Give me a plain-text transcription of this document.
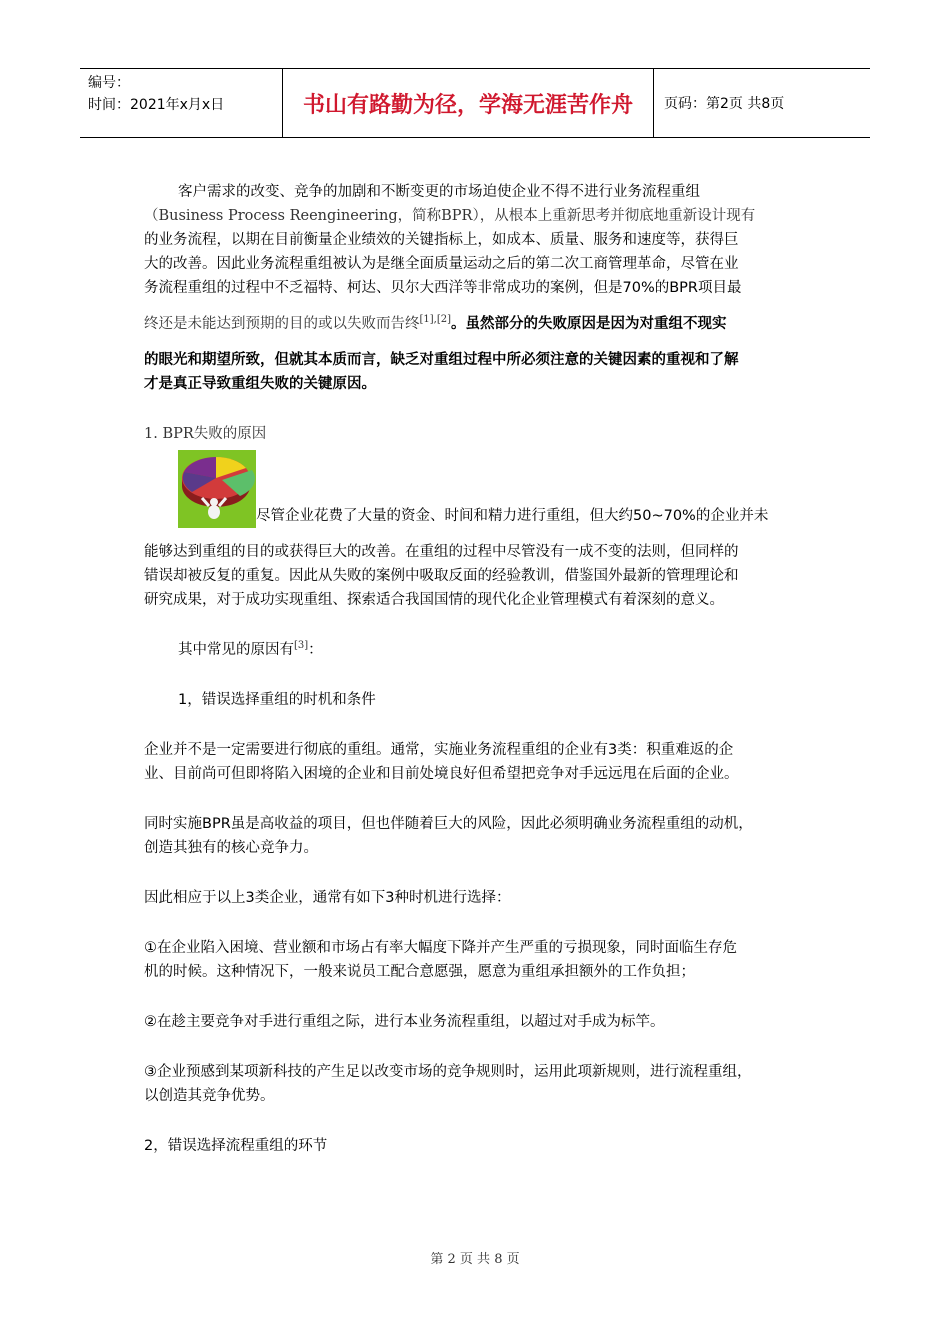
编号：
时间：2021年x月x日	书山有路勤为径，学海无涯苦作舟	页码：第2页 共8页

客户需求的改变、竞争的加剧和不断变更的市场迫使企业不得不进行业务流程重组

（Business Process Reengineering，简称BPR），从根本上重新思考并彻底地重新设计现有

的业务流程，以期在目前衡量企业绩效的关键指标上，如成本、质量、服务和速度等，获得巨

大的改善。因此业务流程重组被认为是继全面质量运动之后的第二次工商管理革命，尽管在业

务流程重组的过程中不乏福特、柯达、贝尔大西洋等非常成功的案例，但是70%的BPR项目最

终还是未能达到预期的目的或以失败而告终[1],[2]。虽然部分的失败原因是因为对重组不现实

的眼光和期望所致，但就其本质而言，缺乏对重组过程中所必须注意的关键因素的重视和了解

才是真正导致重组失败的关键原因。

1. BPR失败的原因

尽管企业花费了大量的资金、时间和精力进行重组，但大约50~70%的企业并未

能够达到重组的目的或获得巨大的改善。在重组的过程中尽管没有一成不变的法则，但同样的

错误却被反复的重复。因此从失败的案例中吸取反面的经验教训，借鉴国外最新的管理理论和

研究成果，对于成功实现重组、探索适合我国国情的现代化企业管理模式有着深刻的意义。

其中常见的原因有[3]：

1，错误选择重组的时机和条件

企业并不是一定需要进行彻底的重组。通常，实施业务流程重组的企业有3类：积重难返的企

业、目前尚可但即将陷入困境的企业和目前处境良好但希望把竞争对手远远甩在后面的企业。

同时实施BPR虽是高收益的项目，但也伴随着巨大的风险，因此必须明确业务流程重组的动机，

创造其独有的核心竞争力。

因此相应于以上3类企业，通常有如下3种时机进行选择：

①在企业陷入困境、营业额和市场占有率大幅度下降并产生严重的亏损现象，同时面临生存危

机的时候。这种情况下，一般来说员工配合意愿强，愿意为重组承担额外的工作负担；

②在趁主要竞争对手进行重组之际，进行本业务流程重组，以超过对手成为标竿。

③企业预感到某项新科技的产生足以改变市场的竞争规则时，运用此项新规则，进行流程重组，

以创造其竞争优势。

2，错误选择流程重组的环节

第 2 页 共 8 页
